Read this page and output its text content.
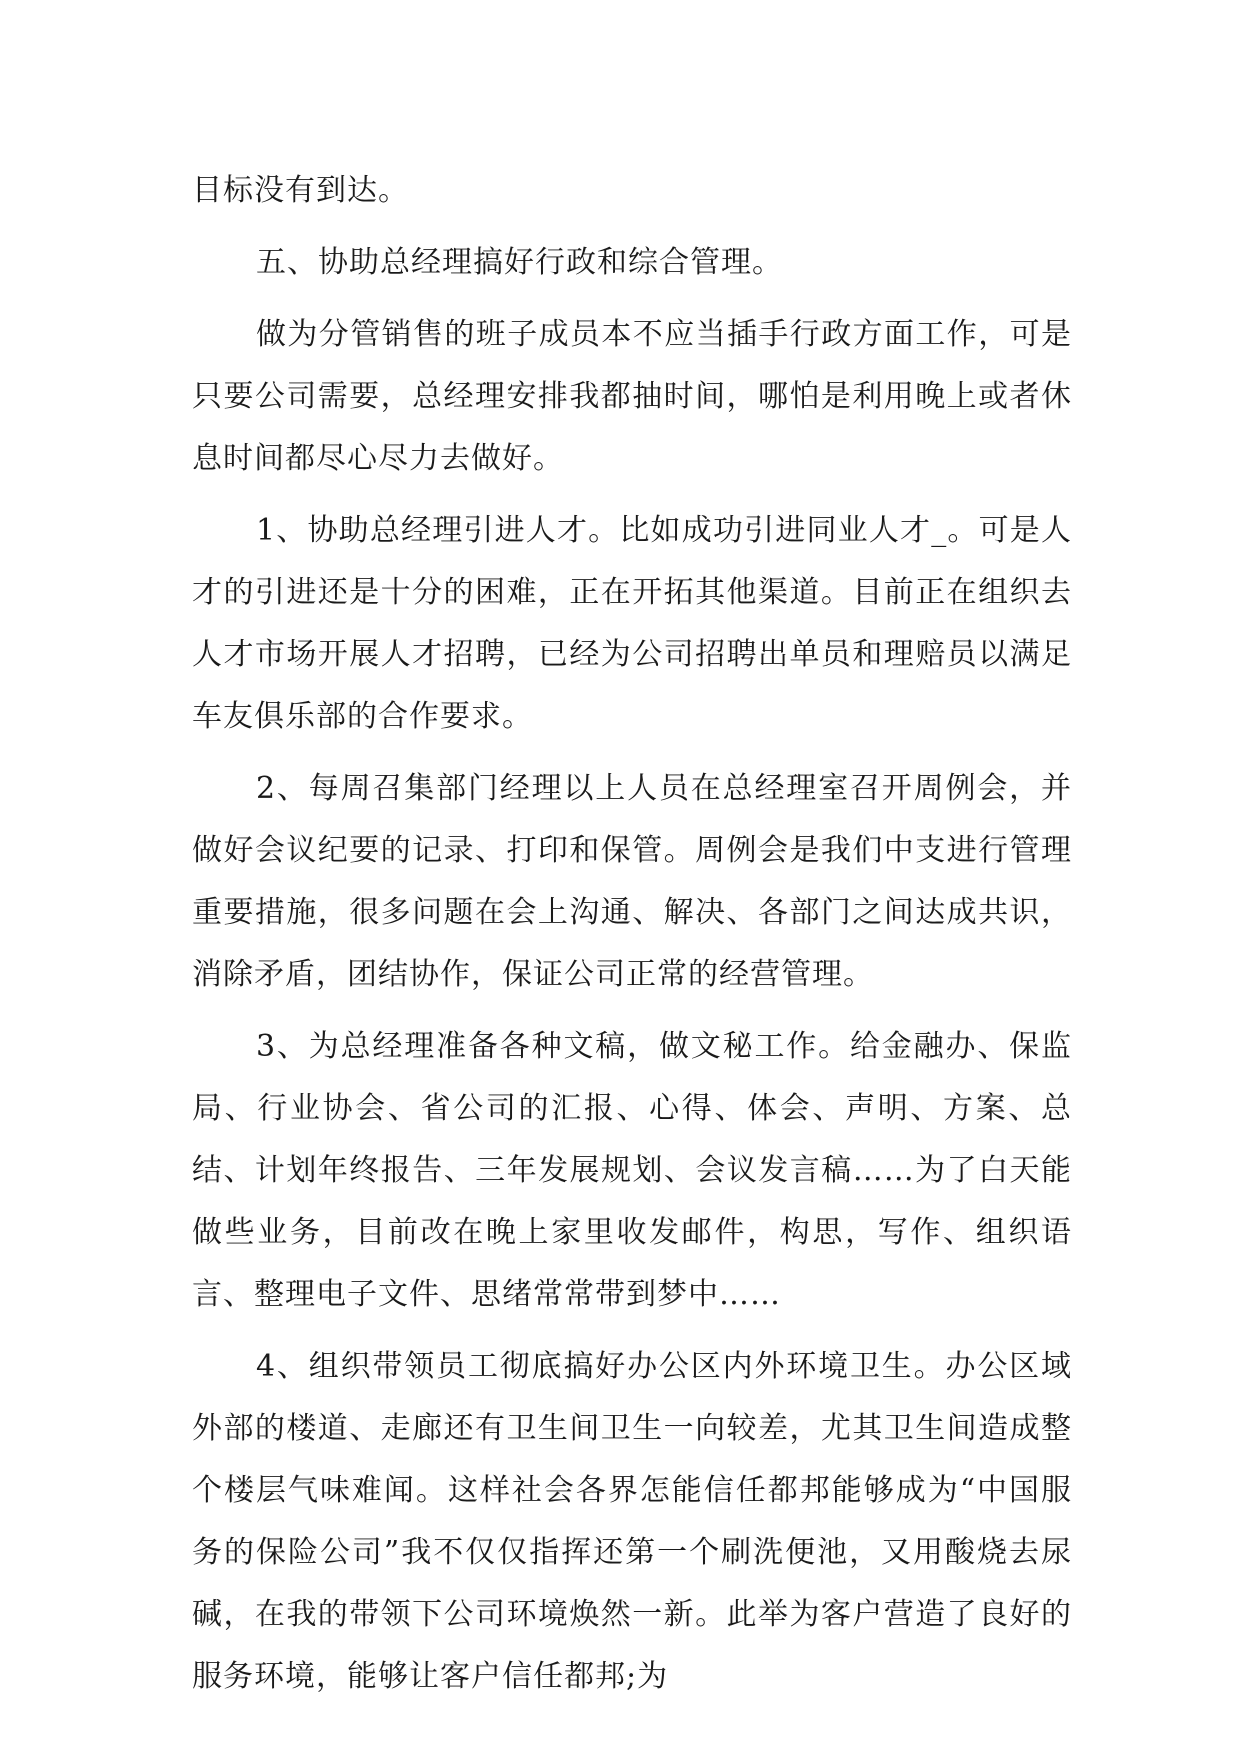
目标没有到达。

五、协助总经理搞好行政和综合管理。

做为分管销售的班子成员本不应当插手行政方面工作，可是只要公司需要，总经理安排我都抽时间，哪怕是利用晚上或者休息时间都尽心尽力去做好。

1、协助总经理引进人才。比如成功引进同业人才_。可是人才的引进还是十分的困难，正在开拓其他渠道。目前正在组织去人才市场开展人才招聘，已经为公司招聘出单员和理赔员以满足车友俱乐部的合作要求。

2、每周召集部门经理以上人员在总经理室召开周例会，并做好会议纪要的记录、打印和保管。周例会是我们中支进行管理重要措施，很多问题在会上沟通、解决、各部门之间达成共识，消除矛盾，团结协作，保证公司正常的经营管理。

3、为总经理准备各种文稿，做文秘工作。给金融办、保监局、行业协会、省公司的汇报、心得、体会、声明、方案、总结、计划年终报告、三年发展规划、会议发言稿……为了白天能做些业务，目前改在晚上家里收发邮件，构思，写作、组织语言、整理电子文件、思绪常常带到梦中……

4、组织带领员工彻底搞好办公区内外环境卫生。办公区域外部的楼道、走廊还有卫生间卫生一向较差，尤其卫生间造成整个楼层气味难闻。这样社会各界怎能信任都邦能够成为“中国服务的保险公司”我不仅仅指挥还第一个刷洗便池，又用酸烧去尿碱，在我的带领下公司环境焕然一新。此举为客户营造了良好的服务环境，能够让客户信任都邦;为
